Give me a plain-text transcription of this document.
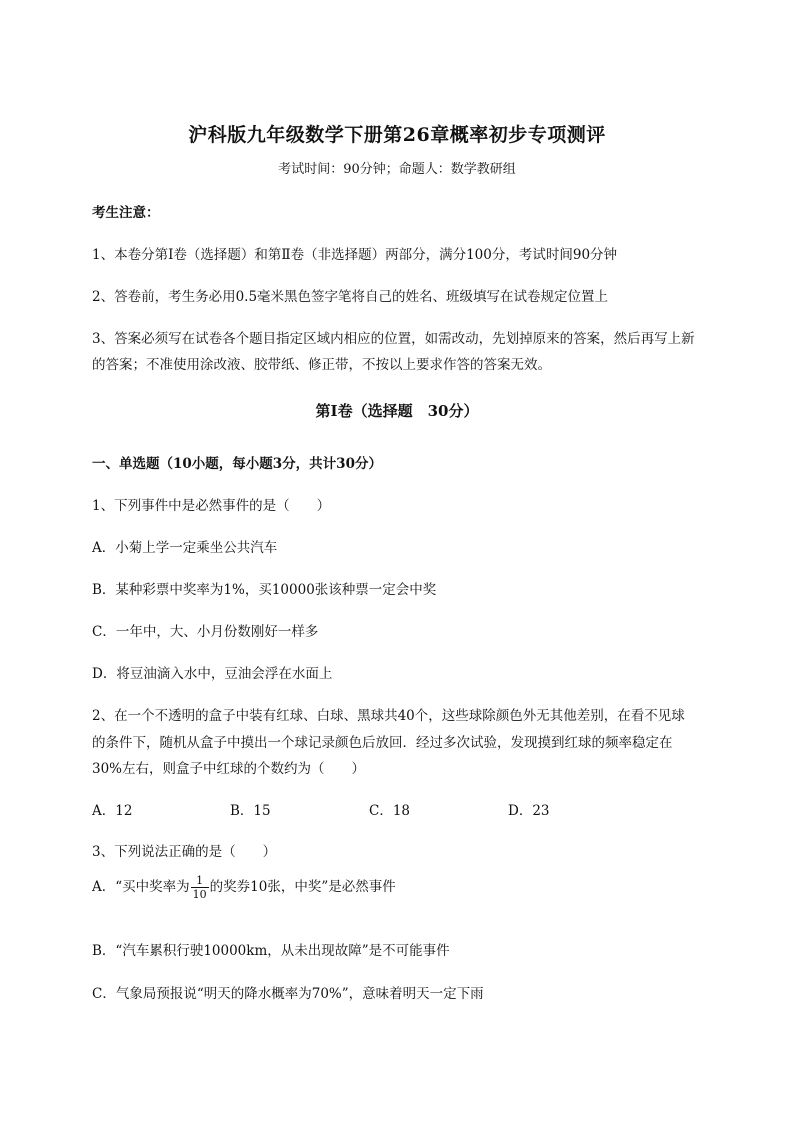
沪科版九年级数学下册第26章概率初步专项测评
考试时间：90分钟；命题人：数学教研组
考生注意：
1、本卷分第I卷（选择题）和第Ⅱ卷（非选择题）两部分，满分100分，考试时间90分钟
2、答卷前，考生务必用0.5毫米黑色签字笔将自己的姓名、班级填写在试卷规定位置上
3、答案必须写在试卷各个题目指定区域内相应的位置，如需改动，先划掉原来的答案，然后再写上新
的答案；不准使用涂改液、胶带纸、修正带，不按以上要求作答的答案无效。
第I卷（选择题　30分）
一、单选题（10小题，每小题3分，共计30分）
1、下列事件中是必然事件的是（　　）
A．小菊上学一定乘坐公共汽车
B．某种彩票中奖率为1%，买10000张该种票一定会中奖
C．一年中，大、小月份数刚好一样多
D．将豆油滴入水中，豆油会浮在水面上
2、在一个不透明的盒子中装有红球、白球、黑球共40个，这些球除颜色外无其他差别，在看不见球
的条件下，随机从盒子中摸出一个球记录颜色后放回．经过多次试验，发现摸到红球的频率稳定在
30%左右，则盒子中红球的个数约为（　　）
A．12	B．15	C．18	D．23
3、下列说法正确的是（　　）
A．“买中奖率为 $\frac{1}{10}$ 的奖券10张，中奖”是必然事件
B．“汽车累积行驶10000km，从未出现故障”是不可能事件
C．气象局预报说“明天的降水概率为70%”，意味着明天一定下雨
